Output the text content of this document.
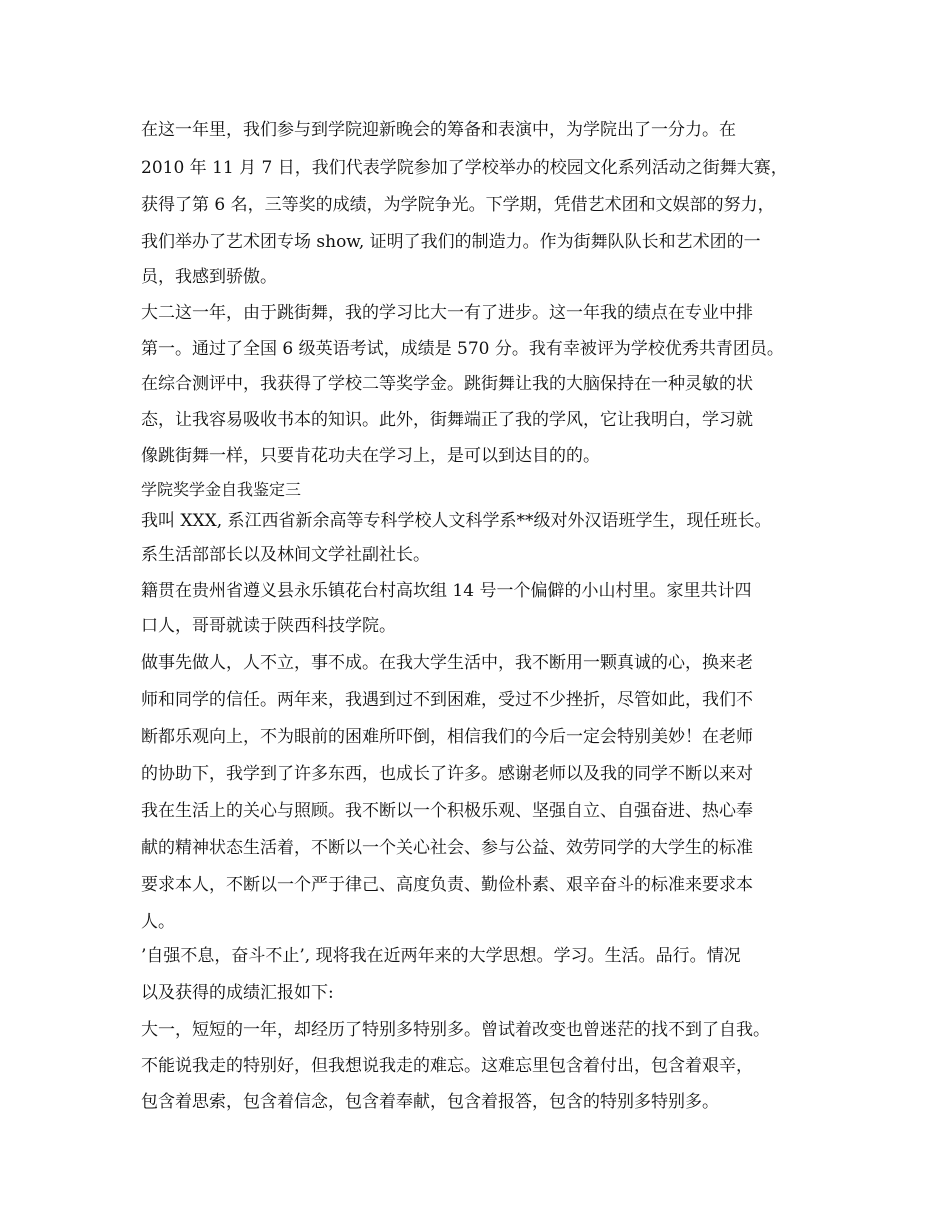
在这一年里，我们参与到学院迎新晚会的筹备和表演中，为学院出了一分力。在
2010 年 11 月 7 日，我们代表学院参加了学校举办的校园文化系列活动之街舞大赛，
获得了第 6 名，三等奖的成绩，为学院争光。下学期，凭借艺术团和文娱部的努力，
我们举办了艺术团专场 show, 证明了我们的制造力。作为街舞队队长和艺术团的一
员，我感到骄傲。
大二这一年，由于跳街舞，我的学习比大一有了进步。这一年我的绩点在专业中排
第一。通过了全国 6 级英语考试，成绩是 570 分。我有幸被评为学校优秀共青团员。
在综合测评中，我获得了学校二等奖学金。跳街舞让我的大脑保持在一种灵敏的状
态，让我容易吸收书本的知识。此外，街舞端正了我的学风，它让我明白，学习就
像跳街舞一样，只要肯花功夫在学习上，是可以到达目的的。
学院奖学金自我鉴定三
我叫 XXX, 系江西省新余高等专科学校人文科学系**级对外汉语班学生，现任班长。
系生活部部长以及林间文学社副社长。
籍贯在贵州省遵义县永乐镇花台村高坎组 14 号一个偏僻的小山村里。家里共计四
口人，哥哥就读于陕西科技学院。
做事先做人，人不立，事不成。在我大学生活中，我不断用一颗真诚的心，换来老
师和同学的信任。两年来，我遇到过不到困难，受过不少挫折，尽管如此，我们不
断都乐观向上，不为眼前的困难所吓倒，相信我们的今后一定会特别美妙！在老师
的协助下，我学到了许多东西，也成长了许多。感谢老师以及我的同学不断以来对
我在生活上的关心与照顾。我不断以一个积极乐观、坚强自立、自强奋进、热心奉
献的精神状态生活着，不断以一个关心社会、参与公益、效劳同学的大学生的标准
要求本人，不断以一个严于律己、高度负责、勤俭朴素、艰辛奋斗的标准来要求本
人。
’自强不息，奋斗不止’, 现将我在近两年来的大学思想。学习。生活。品行。情况
以及获得的成绩汇报如下:
大一，短短的一年，却经历了特别多特别多。曾试着改变也曾迷茫的找不到了自我。
不能说我走的特别好，但我想说我走的难忘。这难忘里包含着付出，包含着艰辛，
包含着思索，包含着信念，包含着奉献，包含着报答，包含的特别多特别多。
